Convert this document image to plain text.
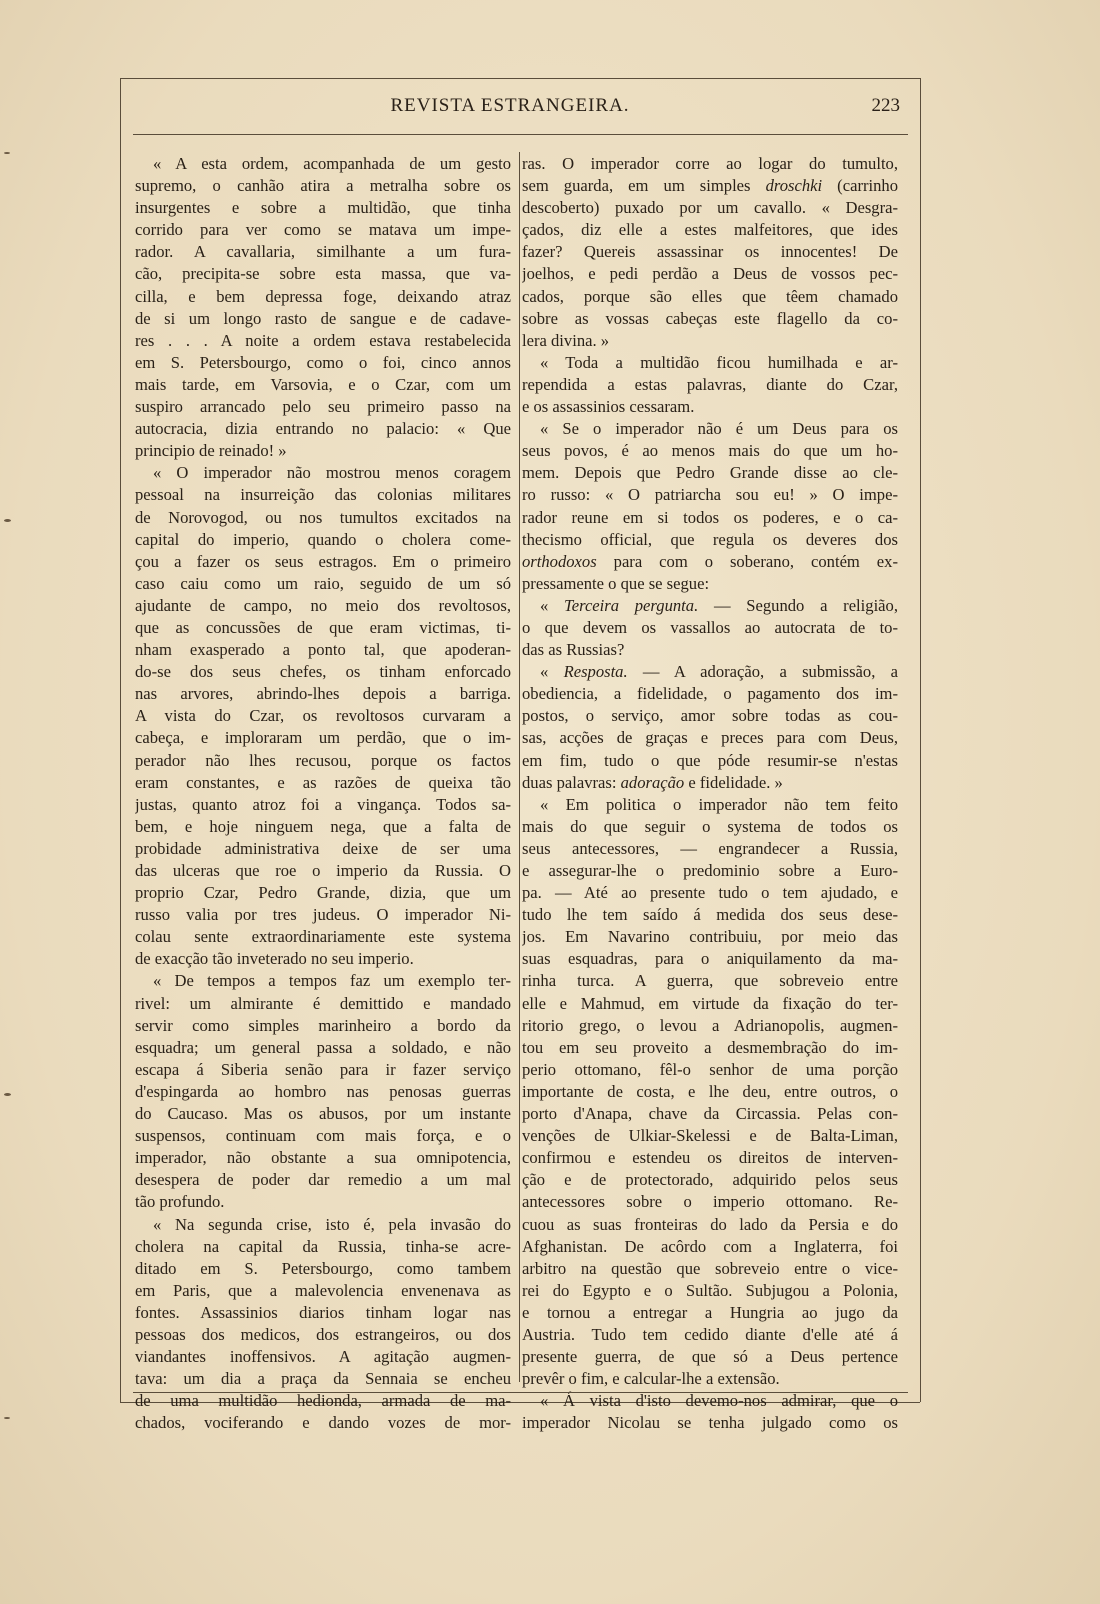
REVISTA ESTRANGEIRA.	223
« A esta ordem, acompanhada de um gesto
supremo, o canhão atira a metralha sobre os
insurgentes e sobre a multidão, que tinha
corrido para ver como se matava um impe-
rador. A cavallaria, similhante a um fura-
cão, precipita-se sobre esta massa, que va-
cilla, e bem depressa foge, deixando atraz
de si um longo rasto de sangue e de cadave-
res . . . A noite a ordem estava restabelecida
em S. Petersbourgo, como o foi, cinco annos
mais tarde, em Varsovia, e o Czar, com um
suspiro arrancado pelo seu primeiro passo na
autocracia, dizia entrando no palacio: « Que
principio de reinado! »
« O imperador não mostrou menos coragem
pessoal na insurreição das colonias militares
de Norovogod, ou nos tumultos excitados na
capital do imperio, quando o cholera come-
çou a fazer os seus estragos. Em o primeiro
caso caiu como um raio, seguido de um só
ajudante de campo, no meio dos revoltosos,
que as concussões de que eram victimas, ti-
nham exasperado a ponto tal, que apoderan-
do-se dos seus chefes, os tinham enforcado
nas arvores, abrindo-lhes depois a barriga.
A vista do Czar, os revoltosos curvaram a
cabeça, e imploraram um perdão, que o im-
perador não lhes recusou, porque os factos
eram constantes, e as razões de queixa tão
justas, quanto atroz foi a vingança. Todos sa-
bem, e hoje ninguem nega, que a falta de
probidade administrativa deixe de ser uma
das ulceras que roe o imperio da Russia. O
proprio Czar, Pedro Grande, dizia, que um
russo valia por tres judeus. O imperador Ni-
colau sente extraordinariamente este systema
de exacção tão inveterado no seu imperio.
« De tempos a tempos faz um exemplo ter-
rivel: um almirante é demittido e mandado
servir como simples marinheiro a bordo da
esquadra; um general passa a soldado, e não
escapa á Siberia senão para ir fazer serviço
d'espingarda ao hombro nas penosas guerras
do Caucaso. Mas os abusos, por um instante
suspensos, continuam com mais força, e o
imperador, não obstante a sua omnipotencia,
desespera de poder dar remedio a um mal
tão profundo.
« Na segunda crise, isto é, pela invasão do
cholera na capital da Russia, tinha-se acre-
ditado em S. Petersbourgo, como tambem
em Paris, que a malevolencia envenenava as
fontes. Assassinios diarios tinham logar nas
pessoas dos medicos, dos estrangeiros, ou dos
viandantes inoffensivos. A agitação augmen-
tava: um dia a praça da Sennaia se encheu
de uma multidão hedionda, armada de ma-
chados, vociferando e dando vozes de mor-
ras. O imperador corre ao logar do tumulto,
sem guarda, em um simples droschki (carrinho
descoberto) puxado por um cavallo. « Desgra-
çados, diz elle a estes malfeitores, que ides
fazer? Quereis assassinar os innocentes! De
joelhos, e pedi perdão a Deus de vossos pec-
cados, porque são elles que têem chamado
sobre as vossas cabeças este flagello da co-
lera divina. »
« Toda a multidão ficou humilhada e ar-
rependida a estas palavras, diante do Czar,
e os assassinios cessaram.
« Se o imperador não é um Deus para os
seus povos, é ao menos mais do que um ho-
mem. Depois que Pedro Grande disse ao cle-
ro russo: « O patriarcha sou eu! » O impe-
rador reune em si todos os poderes, e o ca-
thecismo official, que regula os deveres dos
orthodoxos para com o soberano, contém ex-
pressamente o que se segue:
« Terceira pergunta. — Segundo a religião,
o que devem os vassallos ao autocrata de to-
das as Russias?
« Resposta. — A adoração, a submissão, a
obediencia, a fidelidade, o pagamento dos im-
postos, o serviço, amor sobre todas as cou-
sas, acções de graças e preces para com Deus,
em fim, tudo o que póde resumir-se n'estas
duas palavras: adoração e fidelidade. »
« Em politica o imperador não tem feito
mais do que seguir o systema de todos os
seus antecessores, — engrandecer a Russia,
e assegurar-lhe o predominio sobre a Euro-
pa. — Até ao presente tudo o tem ajudado, e
tudo lhe tem saído á medida dos seus dese-
jos. Em Navarino contribuiu, por meio das
suas esquadras, para o aniquilamento da ma-
rinha turca. A guerra, que sobreveio entre
elle e Mahmud, em virtude da fixação do ter-
ritorio grego, o levou a Adrianopolis, augmen-
tou em seu proveito a desmembração do im-
perio ottomano, fêl-o senhor de uma porção
importante de costa, e lhe deu, entre outros, o
porto d'Anapa, chave da Circassia. Pelas con-
venções de Ulkiar-Skelessi e de Balta-Liman,
confirmou e estendeu os direitos de interven-
ção e de protectorado, adquirido pelos seus
antecessores sobre o imperio ottomano. Re-
cuou as suas fronteiras do lado da Persia e do
Afghanistan. De acôrdo com a Inglaterra, foi
arbitro na questão que sobreveio entre o vice-
rei do Egypto e o Sultão. Subjugou a Polonia,
e tornou a entregar a Hungria ao jugo da
Austria. Tudo tem cedido diante d'elle até á
presente guerra, de que só a Deus pertence
prevêr o fim, e calcular-lhe a extensão.
« Á vista d'isto devemo-nos admirar, que o
imperador Nicolau se tenha julgado como os
